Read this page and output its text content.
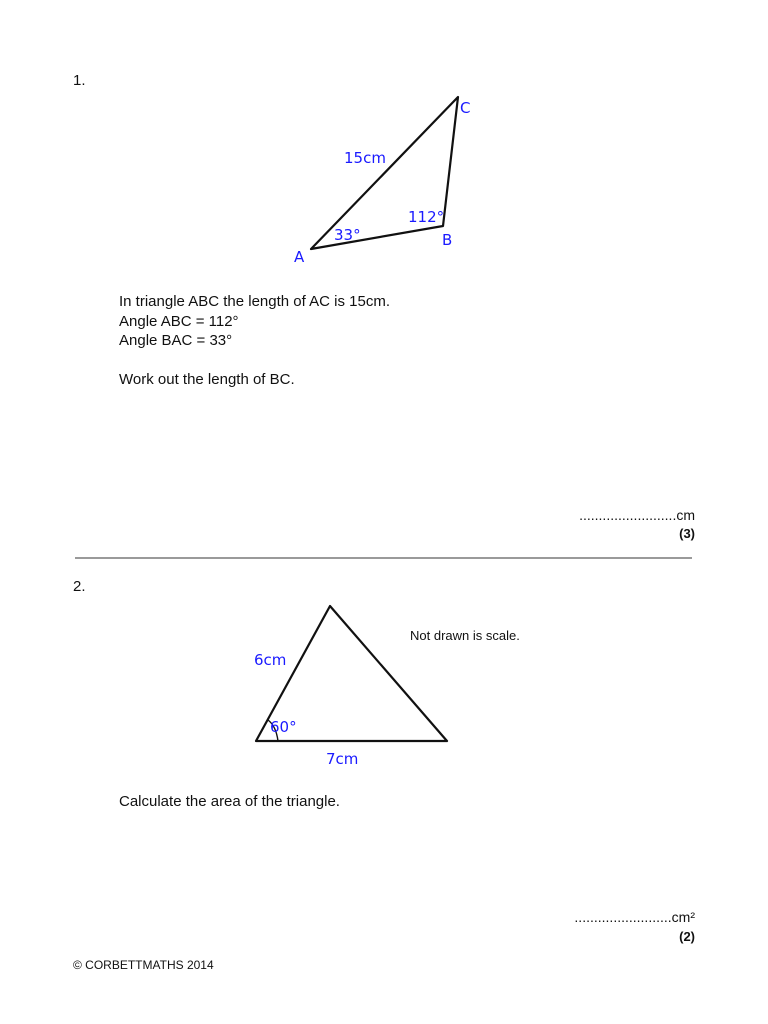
1.
15cm
C
112°
33°	B
A
In triangle ABC the length of AC is 15cm.
Angle ABC = 112°
Angle BAC = 33°
Work out the length of BC.
.........................cm
(3)
2.
6cm
60°
7cm
Not drawn is scale.
Calculate the area of the triangle.
.........................cm²
(2)
© CORBETTMATHS 2014
